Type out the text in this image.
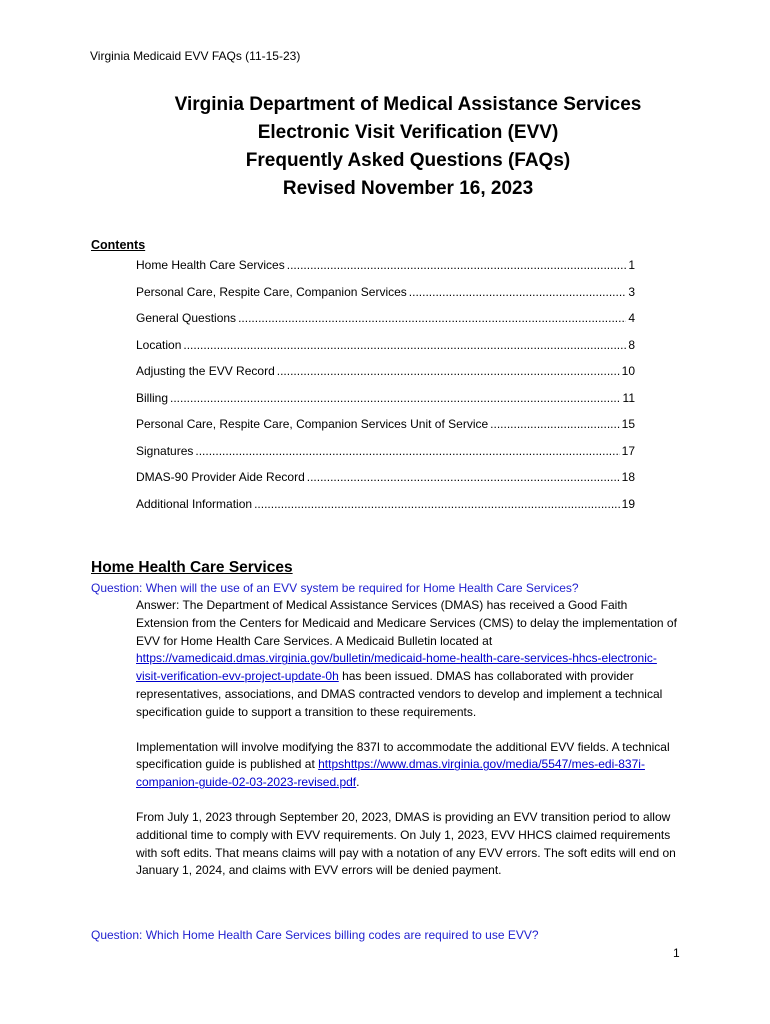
Virginia Medicaid EVV FAQs (11-15-23)
Virginia Department of Medical Assistance Services
Electronic Visit Verification (EVV)
Frequently Asked Questions (FAQs)
Revised November 16, 2023
Contents
Home Health Care Services .....	1
Personal Care, Respite Care, Companion Services .....	3
General Questions .....	4
Location .....	8
Adjusting the EVV Record .....	10
Billing .....	11
Personal Care, Respite Care, Companion Services Unit of Service .....	15
Signatures .....	17
DMAS-90 Provider Aide Record .....	18
Additional Information .....	19
Home Health Care Services
Question: When will the use of an EVV system be required for Home Health Care Services?

Answer: The Department of Medical Assistance Services (DMAS) has received a Good Faith Extension from the Centers for Medicaid and Medicare Services (CMS) to delay the implementation of EVV for Home Health Care Services. A Medicaid Bulletin located at https://vamedicaid.dmas.virginia.gov/bulletin/medicaid-home-health-care-services-hhcs-electronic-visit-verification-evv-project-update-0h has been issued. DMAS has collaborated with provider representatives, associations, and DMAS contracted vendors to develop and implement a technical specification guide to support a transition to these requirements.

Implementation will involve modifying the 837I to accommodate the additional EVV fields. A technical specification guide is published at httpshttps://www.dmas.virginia.gov/media/5547/mes-edi-837i-companion-guide-02-03-2023-revised.pdf.

From July 1, 2023 through September 20, 2023, DMAS is providing an EVV transition period to allow additional time to comply with EVV requirements. On July 1, 2023, EVV HHCS claimed requirements with soft edits. That means claims will pay with a notation of any EVV errors. The soft edits will end on January 1, 2024, and claims with EVV errors will be denied payment.

Question: Which Home Health Care Services billing codes are required to use EVV?
1
